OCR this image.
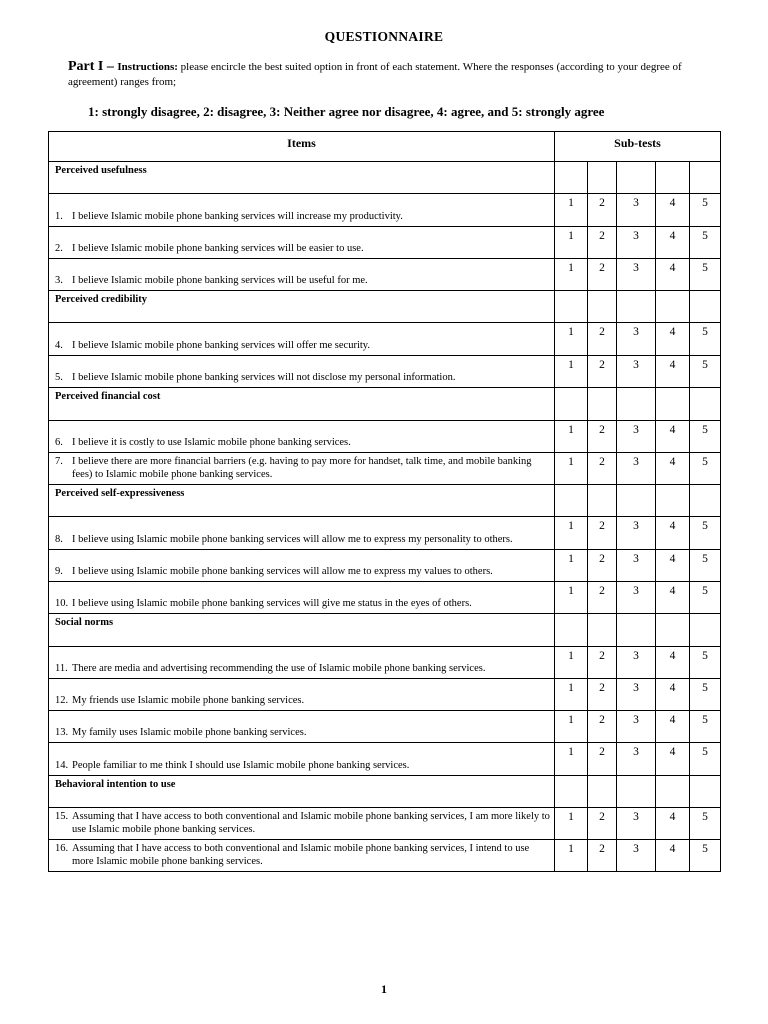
QUESTIONNAIRE
Part I – Instructions: please encircle the best suited option in front of each statement. Where the responses (according to your degree of agreement) ranges from;
1: strongly disagree, 2: disagree, 3: Neither agree nor disagree, 4: agree, and 5: strongly agree
Items	Sub-tests				
Perceived usefulness					

1. I believe Islamic mobile phone banking services will increase my productivity.	1	2	3	4	5

2. I believe Islamic mobile phone banking services will be easier to use.	1	2	3	4	5

3. I believe Islamic mobile phone banking services will be useful for me.	1	2	3	4	5
Perceived credibility					

4. I believe Islamic mobile phone banking services will offer me security.	1	2	3	4	5

5. I believe Islamic mobile phone banking services will not disclose my personal information.	1	2	3	4	5
Perceived financial cost					

6. I believe it is costly to use Islamic mobile phone banking services.	1	2	3	4	5

7. I believe there are more financial barriers (e.g. having to pay more for handset, talk time, and mobile banking fees) to Islamic mobile phone banking services.	1	2	3	4	5
Perceived self-expressiveness					

8. I believe using Islamic mobile phone banking services will allow me to express my personality to others.	1	2	3	4	5

9. I believe using Islamic mobile phone banking services will allow me to express my values to others.	1	2	3	4	5

10. I believe using Islamic mobile phone banking services will give me status in the eyes of others.	1	2	3	4	5
Social norms					

11. There are media and advertising recommending the use of Islamic mobile phone banking services.	1	2	3	4	5

12. My friends use Islamic mobile phone banking services.	1	2	3	4	5

13. My family uses Islamic mobile phone banking services.	1	2	3	4	5

14. People familiar to me think I should use Islamic mobile phone banking services.	1	2	3	4	5
Behavioral intention to use					

15. Assuming that I have access to both conventional and Islamic mobile phone banking services, I am more likely to use Islamic mobile phone banking services.	1	2	3	4	5

16. Assuming that I have access to both conventional and Islamic mobile phone banking services, I intend to use more Islamic mobile phone banking services.	1	2	3	4	5
1
